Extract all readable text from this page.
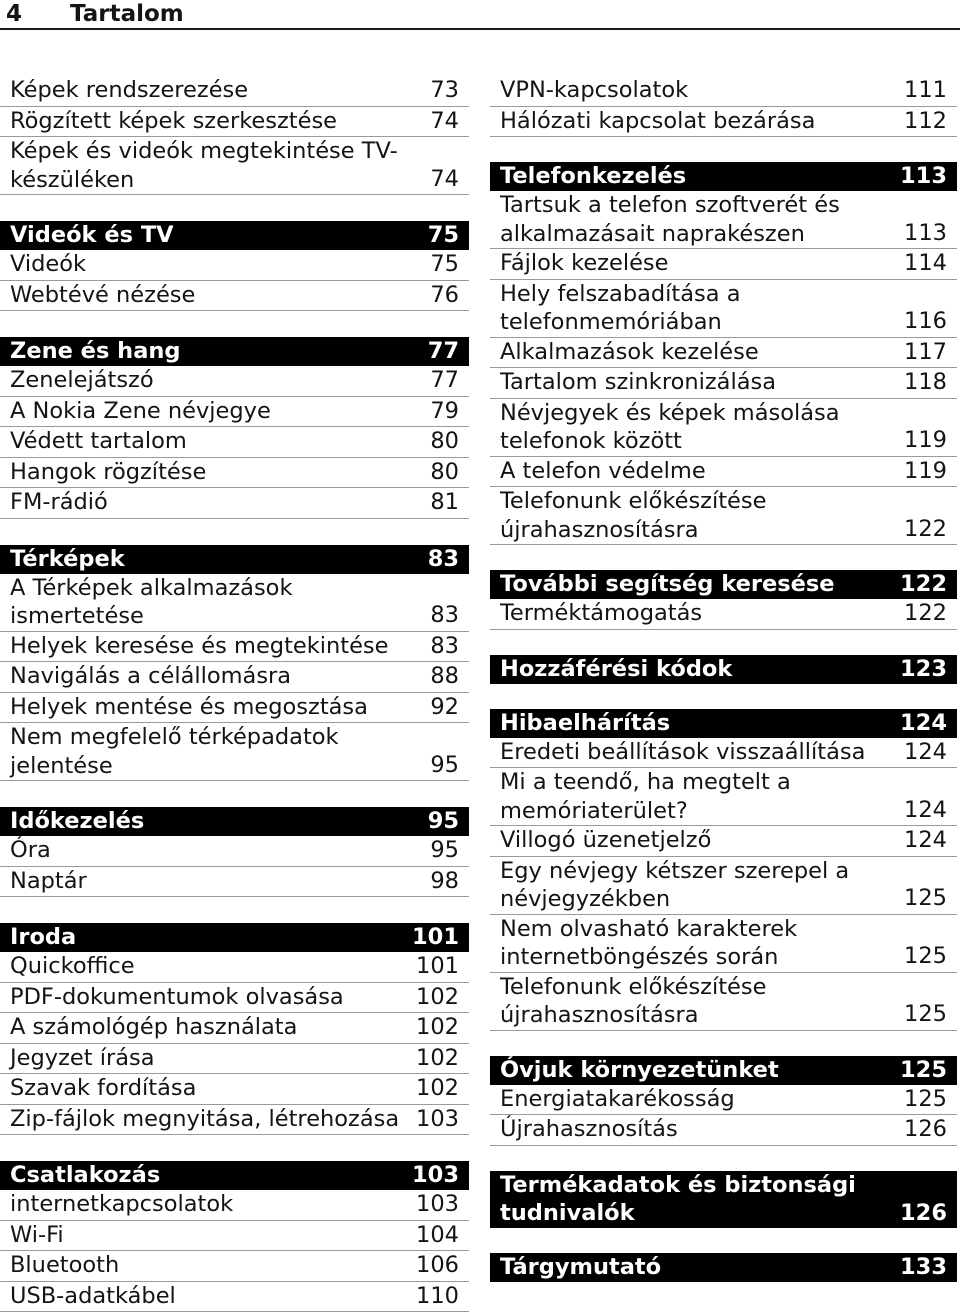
4 Tartalom
Képek rendszerezése	73
Rögzített képek szerkesztése	74
Képek és videók megtekintése TV-
készüléken	74
Videók és TV	75
Videók	75
Webtévé nézése	76
Zene és hang	77
Zenelejátszó	77
A Nokia Zene névjegye	79
Védett tartalom	80
Hangok rögzítése	80
FM-rádió	81
Térképek	83
A Térképek alkalmazások
ismertetése	83
Helyek keresése és megtekintése	83
Navigálás a célállomásra	88
Helyek mentése és megosztása	92
Nem megfelelő térképadatok
jelentése	95
Időkezelés	95
Óra	95
Naptár	98
Iroda	101
Quickoffice	101
PDF-dokumentumok olvasása	102
A számológép használata	102
Jegyzet írása	102
Szavak fordítása	102
Zip-fájlok megnyitása, létrehozása 103
Csatlakozás	103
internetkapcsolatok	103
Wi-Fi	104
Bluetooth	106
USB-adatkábel	110
VPN-kapcsolatok	111
Hálózati kapcsolat bezárása	112
Telefonkezelés	113
Tartsuk a telefon szoftverét és
alkalmazásait naprakészen	113
Fájlok kezelése	114
Hely felszabadítása a
telefonmemóriában	116
Alkalmazások kezelése	117
Tartalom szinkronizálása	118
Névjegyek és képek másolása
telefonok között	119
A telefon védelme	119
Telefonunk előkészítése
újrahasznosításra	122
További segítség keresése	122
Terméktámogatás	122
Hozzáférési kódok	123
Hibaelhárítás	124
Eredeti beállítások visszaállítása	124
Mi a teendő, ha megtelt a
memóriaterület?	124
Villogó üzenetjelző	124
Egy névjegy kétszer szerepel a
névjegyzékben	125
Nem olvasható karakterek
internetböngészés során	125
Telefonunk előkészítése
újrahasznosításra	125
Óvjuk környezetünket	125
Energiatakarékosság	125
Újrahasznosítás	126
Termékadatok és biztonsági
tudnivalók	126
Tárgymutató	133
